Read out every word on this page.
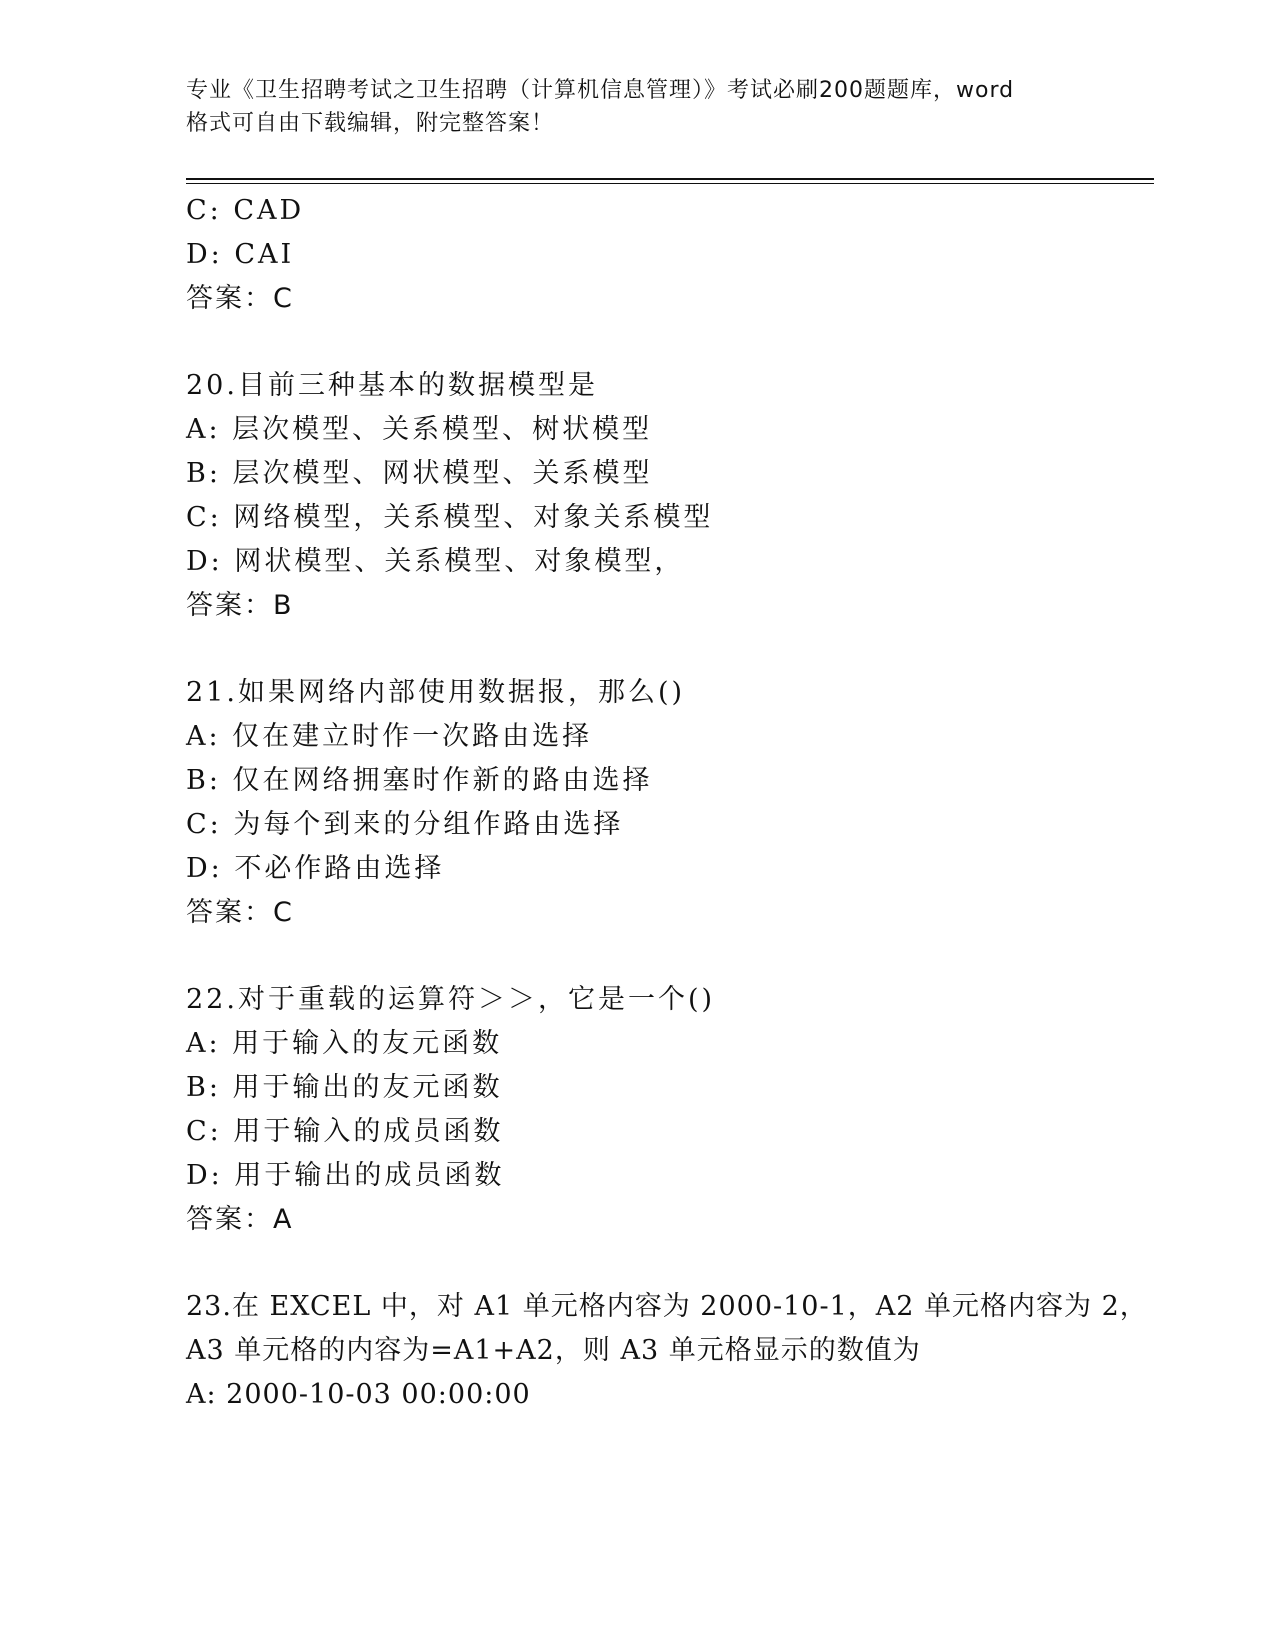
专业《卫生招聘考试之卫生招聘（计算机信息管理）》考试必刷200题题库，word
格式可自由下载编辑，附完整答案！
C: CAD
D: CAI
答案：C
20.目前三种基本的数据模型是
A: 层次模型、关系模型、树状模型
B: 层次模型、网状模型、关系模型
C: 网络模型，关系模型、对象关系模型
D: 网状模型、关系模型、对象模型，
答案：B
21.如果网络内部使用数据报，那么()
A: 仅在建立时作一次路由选择
B: 仅在网络拥塞时作新的路由选择
C: 为每个到来的分组作路由选择
D: 不必作路由选择
答案：C
22.对于重载的运算符＞＞，它是一个()
A: 用于输入的友元函数
B: 用于输出的友元函数
C: 用于输入的成员函数
D: 用于输出的成员函数
答案：A
23.在 EXCEL 中，对 A1 单元格内容为 2000-10-1，A2 单元格内容为 2，
A3 单元格的内容为=A1+A2，则 A3 单元格显示的数值为
A: 2000-10-03 00:00:00
